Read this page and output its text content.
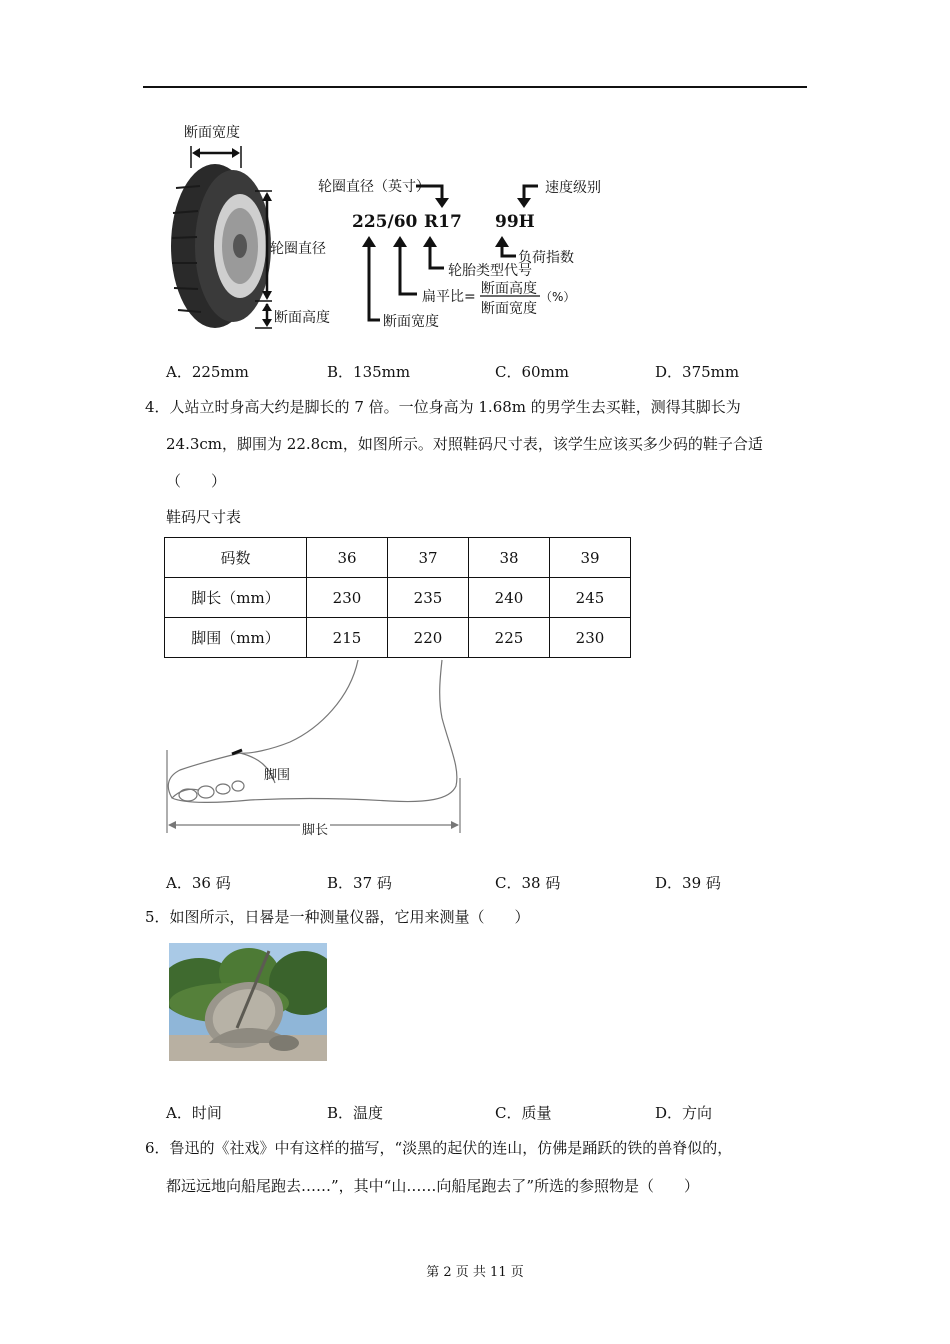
断面宽度
轮圈直径
断面高度
轮圈直径（英寸）	速度级别
225/60 R17 99H
负荷指数
轮胎类型代号
扁平比= 断面高度
断面宽度
（%）
断面宽度
A．225mm	B．135mm	C．60mm	D．375mm
4．人站立时身高大约是脚长的 7 倍。一位身高为 1.68m 的男学生去买鞋，测得其脚长为
24.3cm，脚围为 22.8cm，如图所示。对照鞋码尺寸表，该学生应该买多少码的鞋子合适
（　　）
鞋码尺寸表
码数	36	37	38	39
脚长（mm）	230	235	240	245
脚围（mm）	215	220	225	230
脚围
脚长
A．36 码	B．37 码	C．38 码	D．39 码
5．如图所示，日晷是一种测量仪器，它用来测量（　　）
A．时间	B．温度	C．质量	D．方向
6．鲁迅的《社戏》中有这样的描写，“淡黑的起伏的连山，仿佛是踊跃的铁的兽脊似的，
都远远地向船尾跑去……”，其中“山……向船尾跑去了”所选的参照物是（　　）
第 2 页 共 11 页
